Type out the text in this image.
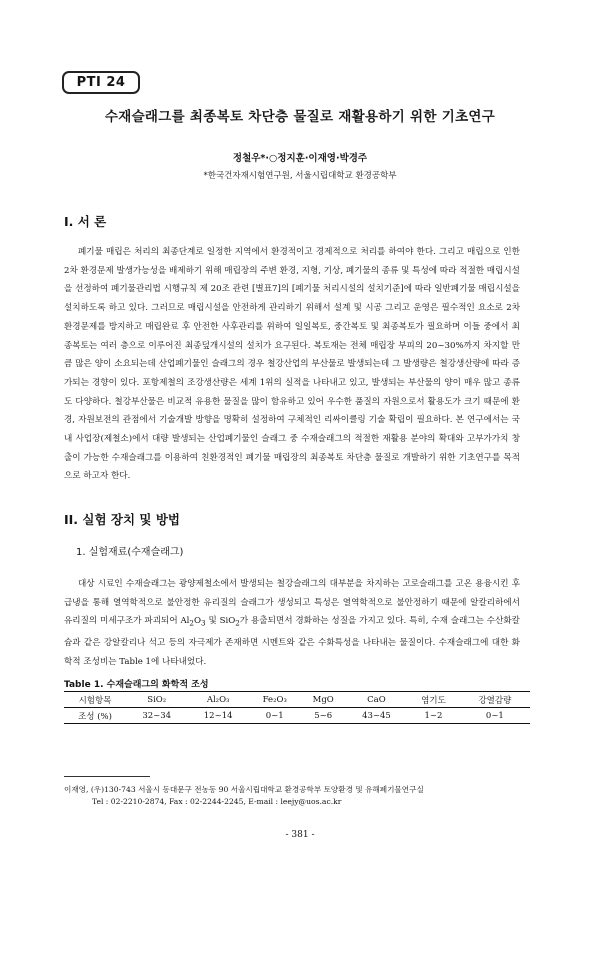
PTI 24
수재슬래그를 최종복토 차단층 물질로 재활용하기 위한 기초연구
정철우*·○정지훈·이재영·박경주
*한국건자재시험연구원, 서울시립대학교 환경공학부
I. 서 론

폐기물 매립은 처리의 최종단계로 일정한 지역에서 환경적이고 경제적으로 처리를 하여야 한다. 그리고 매립으로 인한 2차 환경문제 발생가능성을 배제하기 위해 매립장의 주변 환경, 지형, 기상, 폐기물의 종류 및 특성에 따라 적절한 매립시설을 선정하여 폐기물관리법 시행규칙 제 20조 관련 [별표7]의 [폐기물 처리시설의 설치기준]에 따라 일반폐기물 매립시설을 설치하도록 하고 있다. 그러므로 매립시설을 안전하게 관리하기 위해서 설계 및 시공 그리고 운영은 필수적인 요소로 2차 환경문제를 방지하고 매립완료 후 안전한 사후관리를 위하여 일일복토, 중간복토 및 최종복토가 필요하며 이들 중에서 최종복토는 여러 층으로 이루어진 최종덮개시설의 설치가 요구된다. 복토재는 전체 매립장 부피의 20~30%까지 차지할 만큼 많은 양이 소요되는데 산업폐기물인 슬래그의 경우 철강산업의 부산물로 발생되는데 그 발생량은 철강생산량에 따라 증가되는 경향이 있다. 포항제철의 조강생산량은 세계 1위의 실적을 나타내고 있고, 발생되는 부산물의 양이 매우 많고 종류도 다양하다. 철강부산물은 비교적 유용한 물질을 많이 함유하고 있어 우수한 품질의 자원으로서 활용도가 크기 때문에 환경, 자원보전의 관점에서 기술개발 방향을 명확히 설정하여 구체적인 리싸이클링 기술 확립이 필요하다. 본 연구에서는 국내 사업장(제철소)에서 대량 발생되는 산업폐기물인 슬래그 중 수재슬래그의 적절한 재활용 분야의 확대와 고부가가치 창출이 가능한 수재슬래그를 이용하여 친환경적인 폐기물 매립장의 최종복토 차단층 물질로 개발하기 위한 기초연구를 목적으로 하고자 한다.

II. 실험 장치 및 방법
1. 실험재료(수재슬래그)

대상 시료인 수재슬래그는 광양제철소에서 발생되는 철강슬래그의 대부분을 차지하는 고로슬래그를 고온 용융시킨 후 급냉을 통해 열역학적으로 불안정한 유리질의 슬래그가 생성되고 특성은 열역학적으로 불안정하기 때문에 알칼리하에서 유리질의 미세구조가 파괴되어 $Al_2O_3$ 및 SiO$_2$가 용출되면서 경화하는 성질을 가지고 있다. 특히, 수재 슬래그는 수산화칼슘과 같은 강알칼리나 석고 등의 자극제가 존재하면 시멘트와 같은 수화특성을 나타내는 물질이다. 수재슬래그에 대한 화학적 조성비는 Table 1에 나타내었다.

Table 1. 수재슬래그의 화학적 조성
시험항목	SiO₂	Al₂O₃	Fe₂O₃	MgO	CaO	염기도	강열감량
조성 (%)	32~34	12~14	0~1	5~6	43~45	1~2	0~1
이재영, (우)130-743 서울시 동대문구 전농동 90 서울시립대학교 환경공학부 토양환경 및 유해폐기물연구실
Tel : 02-2210-2874, Fax : 02-2244-2245, E-mail : leejy@uos.ac.kr
- 381 -
